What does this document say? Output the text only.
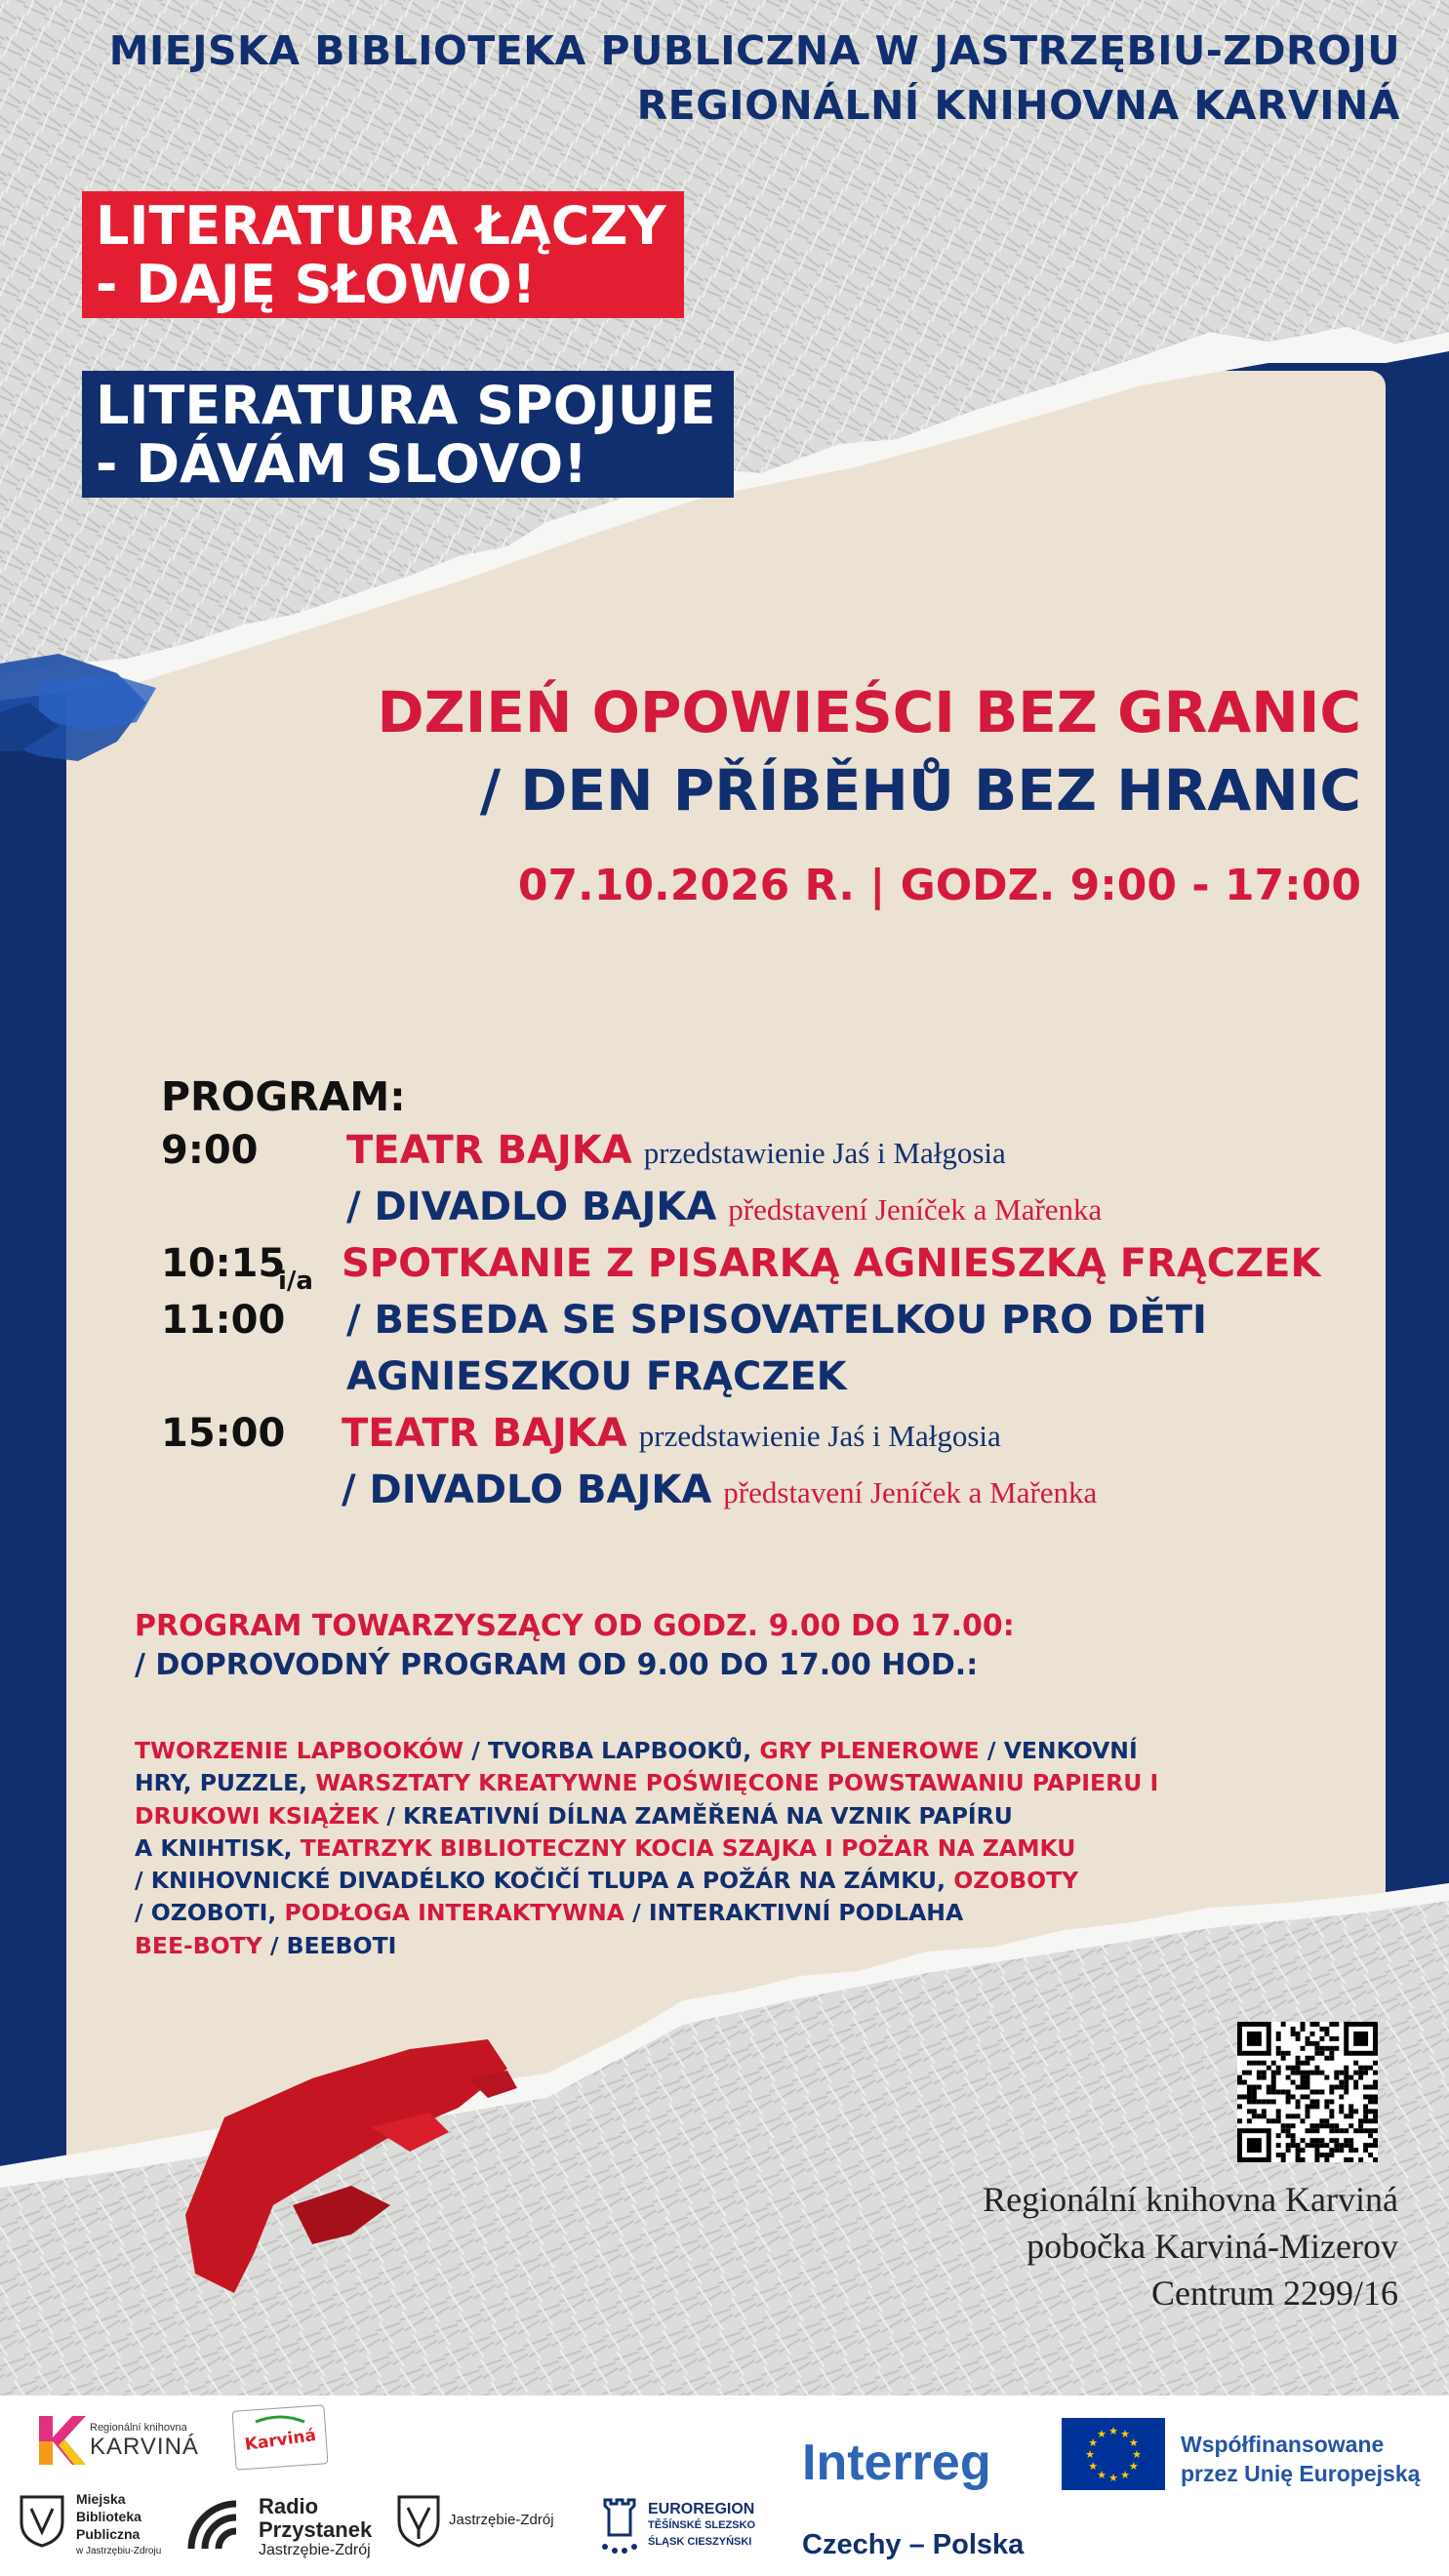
MIEJSKA BIBLIOTEKA PUBLICZNA W JASTRZĘBIU-ZDROJU
REGIONÁLNÍ KNIHOVNA KARVINÁ
LITERATURA ŁĄCZY
- DAJĘ SŁOWO!
LITERATURA SPOJUJE
- DÁVÁM SLOVO!
DZIEŃ OPOWIEŚCI BEZ GRANIC
/ DEN PŘÍBĚHŮ BEZ HRANIC
07.10.2026 R. | GODZ. 9:00 - 17:00
PROGRAM:
9:00 TEATR BAJKA przedstawienie Jaś i Małgosia
/ DIVADLO BAJKA představení Jeníček a Mařenka
10:15
i/a SPOTKANIE Z PISARKĄ AGNIESZKĄ FRĄCZEK
11:00 / BESEDA SE SPISOVATELKOU PRO DĚTI
AGNIESZKOU FRĄCZEK
15:00 TEATR BAJKA przedstawienie Jaś i Małgosia
/ DIVADLO BAJKA představení Jeníček a Mařenka
PROGRAM TOWARZYSZĄCY OD GODZ. 9.00 DO 17.00:
/ DOPROVODNÝ PROGRAM OD 9.00 DO 17.00 HOD.:
TWORZENIE LAPBOOKÓW / TVORBA LAPBOOKŮ, GRY PLENEROWE / VENKOVNÍ
HRY, PUZZLE, WARSZTATY KREATYWNE POŚWIĘCONE POWSTAWANIU PAPIERU I
DRUKOWI KSIĄŻEK / KREATIVNÍ DÍLNA ZAMĚŘENÁ NA VZNIK PAPÍRU
A KNIHTISK, TEATRZYK BIBLIOTECZNY KOCIA SZAJKA I POŻAR NA ZAMKU
/ KNIHOVNICKÉ DIVADÉLKO KOČIČÍ TLUPA A POŽÁR NA ZÁMKU, OZOBOTY
/ OZOBOTI, PODŁOGA INTERAKTYWNA / INTERAKTIVNÍ PODLAHA
BEE-BOTY / BEEBOTI
Regionální knihovna Karviná
pobočka Karviná-Mizerov
Centrum 2299/16
Regionální knihovna
KARVINÁ	Karviná
Miejska
Biblioteka
Publiczna
w Jastrzębiu-Zdroju
Radio
Przystanek
Jastrzębie-Zdrój
Jastrzębie-Zdrój
EUROREGION
TĚŠÍNSKÉ SLEZSKO
ŚLĄSK CIESZYŃSKI
Interreg
Czechy – Polska
★
★
★
★
★
★
★
★
★ ★ ★
★ Współfinansowane
przez Unię Europejską
